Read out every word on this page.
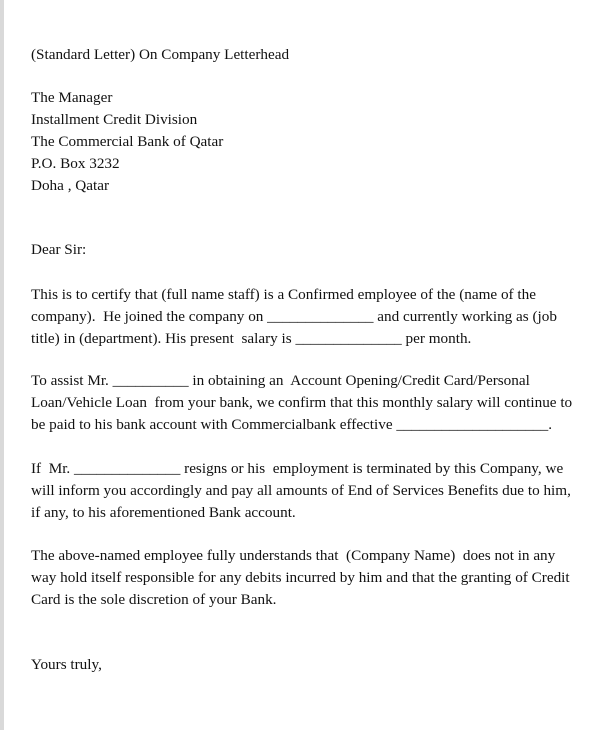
(Standard Letter) On Company Letterhead

The Manager

Installment Credit Division

The Commercial Bank of Qatar

P.O. Box 3232

Doha , Qatar

Dear Sir:

This is to certify that (full name staff) is a Confirmed employee of the (name of the

company).  He joined the company on ______________ and currently working as (job

title) in (department). His present  salary is ______________ per month.

To assist Mr. __________ in obtaining an  Account Opening/Credit Card/Personal

Loan/Vehicle Loan  from your bank, we confirm that this monthly salary will continue to

be paid to his bank account with Commercialbank effective ____________________.

If  Mr. ______________ resigns or his  employment is terminated by this Company, we

will inform you accordingly and pay all amounts of End of Services Benefits due to him,

if any, to his aforementioned Bank account.

The above-named employee fully understands that  (Company Name)  does not in any

way hold itself responsible for any debits incurred by him and that the granting of Credit

Card is the sole discretion of your Bank.

Yours truly,
